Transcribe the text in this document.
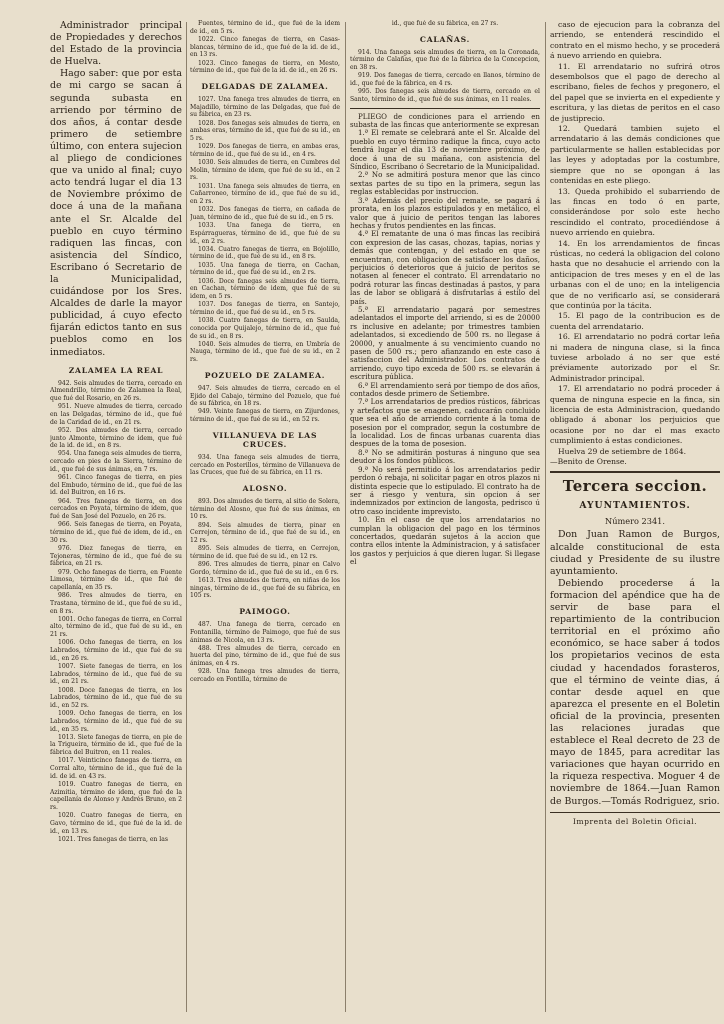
Administrador principal de Propiedades y derechos del Estado de la provincia de Huelva.

Hago saber: que por esta de mi cargo se sacan á segunda subasta en arriendo por término de dos años, á contar desde primero de setiembre último, con entera sujecion al pliego de condiciones que va unido al final; cuyo acto tendrá lugar el dia 13 de Noviembre próximo de doce á una de la mañana ante el Sr. Alcalde del pueblo en cuyo término radiquen las fincas, con asistencia del Síndico, Escribano ó Secretario de la Municipalidad, cuidándose por los Sres. Alcaldes de darle la mayor publicidad, á cuyo efecto fijarán edictos tanto en sus pueblos como en los inmediatos.

ZALAMEA LA REAL

942. Seis almudes de tierra, cercado en Almendrillo, término de Zalamea la Real, que fué del Rosario, en 26 rs.

951. Nueve almudes de tierra, cercado en las Delgadas, término de id., que fué de la Caridad de id., en 21 rs.

952. Dos almudes de tierra, cercado junto Almonte, término de idem, que fué de la id. de id., en 8 rs.

954. Una fanega seis almudes de tierra, cercado en pies de la Sierra, término de id., que fué de sus ánimas, en 7 rs.

961. Cinco fanegas de tierra, en pies del Embudo, término de id., que fué de las id. del Buitron, en 16 rs.

964. Tres fanegas de tierra, en dos cercados en Poyata, término de idem, que fué de San José del Pozuelo, en 26 rs.

966. Seis fanegas de tierra, en Poyata, término de id., que fué de idem, de id., en 30 rs.

976. Diez fanegas de tierra, en Tejoneras, término de id., que fué de su fábrica, en 21 rs.

979. Ocho fanegas de tierra, en Fuente Limosa, término de id., que fué de capellanía, en 35 rs.

986. Tres almudes de tierra, en Trastana, término de id., que fué de su id., en 8 rs.

1001. Ocho fanegas de tierra, en Corral alto, término de id., que fué de su id., en 21 rs.

1006. Ocho fanegas de tierra, en los Labrados, término de id., que fué de su id., en 26 rs.

1007. Siete fanegas de tierra, en los Labrados, término de id., que fué de su id., en 21 rs.

1008. Doce fanegas de tierra, en los Labrados, término de id., que fué de su id., en 52 rs.

1009. Ocho fanegas de tierra, en los Labrados, término de id., que fué de su id., en 35 rs.

1013. Siete fanegas de tierra, en pie de la Trigueira, término de id., que fué de la fábrica del Buitron, en 11 reales.

1017. Veinticinco fanegas de tierra, en Corral alto, término de id., que fué de la id. de id. en 43 rs.

1019. Cuatro fanegas de tierra, en Azimitia, término de idem, que fué de la capellanía de Alonso y Andrés Bruno, en 2 rs.

1020. Cuatro fanegas de tierra, en Gavo, término de id., que fué de la id. de id., en 13 rs.

1021. Tres fanegas de tierra, en las

Fuentes, término de id., que fué de la idem de id., en 5 rs.

1022. Cinco fanegas de tierra, en Casas-blancas, término de id., que fué de la id. de id., en 13 rs.

1023. Cinco fanegas de tierra, en Mesto, término de id., que fué de la id. de id., en 26 rs.

DELGADAS DE ZALAMEA.

1027. Una fanega tres almudes de tierra, en Majadillo, término de las Delgadas, que fué de su fábrica, en 23 rs.

1028. Dos fanegas seis almudes de tierra, en ambas eras, término de id., que fué de su id., en 5 rs.

1029. Dos fanegas de tierra, en ambas eras, término de id., que fué de su id., en 4 rs.

1030. Seis almudes de tierra, en Cumbres del Molin, término de idem, que fué de su id., en 2 rs.

1031. Una fanega seis almudes de tierra, en Cañarroneo, término de id., que fué de su id., en 2 rs.

1032. Dos fanegas de tierra, en cañada de Juan, término de id., que fué de su id., en 5 rs.

1033. Una fanega de tierra, en Espárragueras, término de id., que fué de su id., en 2 rs.

1034. Cuatro fanegas de tierra, en Bojolillo, término de id., que fué de su id., en 8 rs.

1035. Una fanega de tierra, en Cachan, término de id., que fué de su id., en 2 rs.

1036. Doce fanegas seis almudes de tierra, en Cachan, término de idem, que fué de su idem, en 5 rs.

1037. Dos fanegas de tierra, en Santejo, término de id., que fué de su id., en 5 rs.

1038. Cuatro fanegas de tierra, en Saulda, conocida por Quijalejo, término de id., que fué de su id., en 8 rs.

1040. Seis almudes de tierra, en Umbría de Nauga, término de id., que fué de su id., en 2 rs.

POZUELO DE ZALAMEA.

947. Seis almudes de tierra, cercado en el Ejido del Cabajo, término del Pozuelo, que fué de su fábrica, en 18 rs.

949. Veinte fanegas de tierra, en Zijurdones, término de id., que fué de su id., en 52 rs.

VILLANUEVA DE LAS CRUCES.

934. Una fanega seis almudes de tierra, cercado en Posterillos, término de Villanueva de las Cruces, que fué de su fábrica, en 11 rs.

ALOSNO.

893. Dos almudes de tierra, al sitio de Solera, término del Alosno, que fué de sus ánimas, en 10 rs.

894. Seis almudes de tierra, pinar en Cerrejon, término de id., que fué de su id., en 12 rs.

895. Seis almudes de tierra, en Cerrejon, término de id. que fué de su id., en 12 rs.

896. Tres almudes de tierra, pinar en Calvo Gordo, término de id., que fué de su id., en 6 rs.

1613. Tres almudes de tierra, en niñas de los ningas, término de id., que fué de su fábrica, en 105 rs.

PAIMOGO.

487. Una fanega de tierra, cercado en Fontanilla, término de Paimogo, que fué de sus ánimas de Nicola, en 13 rs.

488. Tres almudes de tierra, cercado en huerta del pino, término de id., que fué de sus ánimas, en 4 rs.

928. Una fanega tres almudes de tierra, cercado en Fontilla, término de

id., que fué de su fábrica, en 27 rs.

CALAÑAS.

914. Una fanega seis almudes de tierra, en la Coronada, término de Calañas, que fué de la fábrica de la Concepcion, en 38 rs.

919. Dos fanegas de tierra, cercado en llanos, término de id., que fué de la fábrica, en 4 rs.

995. Dos fanegas seis almudes de tierra, cercado en el Santo, término de id., que fué de sus ánimas, en 11 reales.

PLIEGO de condiciones para el arriendo en subasta de las fincas que anteriormente se expresan

1.ª El remate se celebrará ante el Sr. Alcalde del pueblo en cuyo término radique la finca, cuyo acto tendrá lugar el dia 13 de noviembre próximo, de doce á una de su mañana, con asistencia del Síndico, Escribano ó Secretario de la Municipalidad.

2.ª No se admitirá postura menor que las cinco sextas partes de su tipo en la primera, segun las reglas establecidas por instruccion.

3.ª Además del precio del remate, se pagará á prorata, en los plazos estipulados y en metálico, el valor que á juicio de peritos tengan las labores hechas y frutos pendientes en las fincas.

4.ª El rematante de una ó mas fincas las recibirá con expresion de las casas, chozas, tapias, norias y demás que contengan, y del estado en que se encuentran, con obligacion de satisfacer los daños, perjuicios ó deterioros que á juicio de peritos se notasen al fenecer el contrato. El arrendatario no podrá roturar las fincas destinadas á pastos, y para las de labor se obligará á disfrutarlas á estilo del país.

5.ª El arrendatario pagará por semestres adelantados el importe del arriendo, si es de 20000 rs inclusive en adelante; por trimestres tambien adelantados, si excediendo de 500 rs. no llegase á 20000, y anualmente á su vencimiento cuando no pasen de 500 rs.; pero afianzando en este caso á satisfaccion del Administrador. Los contratos de arriendo, cuyo tipo exceda de 500 rs. se elevarán á escritura pública.

6.ª El arrendamiento será por tiempo de dos años, contados desde primero de Setiembre.

7.ª Los arrendatarios de predios rústicos, fábricas y artefactos que se enagenen, caducarán concluido que sea el año de arriendo corriente á la toma de posesion por el comprador, segun la costumbre de la localidad. Los de fincas urbanas cuarenta dias despues de la toma de posesion.

8.ª No se admitirán posturas á ninguno que sea deudor á los fondos públicos.

9.ª No será permitido á los arrendatarios pedir perdon ó rebaja, ni solicitar pagar en otros plazos ni distinta especie que lo estipulado. El contrato ha de ser á riesgo y ventura, sin opcion á ser indemnizados por extincion de langosta, pedrisco ú otro caso incidente imprevisto.

10. En el caso de que los arrendatarios no cumplan la obligacion del pago en los términos concertados, quedarán sujetos á la accion que contra ellos intente la Administracion, y á satisfacer los gastos y perjuicios á que dieren lugar. Si llegase el

caso de ejecucion para la cobranza del arriendo, se entenderá rescindido el contrato en el mismo hecho, y se procederá á nuevo arriendo en quiebra.

11. El arrendatario no sufrirá otros desembolsos que el pago de derecho al escribano, fieles de fechos y pregonero, el del papel que se invierta en el expediente y escritura, y las dietas de peritos en el caso de justiprecio.

12. Quedará tambien sujeto el arrendatario á las demás condiciones que particularmente se hallen establecidas por las leyes y adoptadas por la costumbre, siempre que no se opongan á las contenidas en este pliego.

13. Queda prohibido el subarriendo de las fincas en todo ó en parte, considerándose por solo este hecho rescindido el contrato, procediéndose á nuevo arriendo en quiebra.

14. En los arrendamientos de fincas rústicas, no cederá la obligacion del colono hasta que no desahucie el arriendo con la anticipacion de tres meses y en el de las urbanas con el de uno; en la inteligencia que de no verificarlo así, se considerará que continúa por la tácita.

15. El pago de la contribucion es de cuenta del arrendatario.

16. El arrendatario no podrá cortar leña ni madera de ninguna clase, si la finca tuviese arbolado á no ser que esté préviamente autorizado por el Sr. Administrador principal.

17. El arrendatario no podrá proceder á quema de ninguna especie en la finca, sin licencia de esta Administracion, quedando obligado á abonar los perjuicios que ocasione por no dar el mas exacto cumplimiento á estas condiciones.

Huelva 29 de setiembre de 1864.

—Benito de Orense.

Tercera seccion.
AYUNTAMIENTOS.
Número 2341.

Don Juan Ramon de Burgos, alcalde constitucional de esta ciudad y Presidente de su ilustre ayuntamiento.

Debiendo procederse á la formacion del apéndice que ha de servir de base para el repartimiento de la contribucion territorial en el próximo año económico, se hace saber á todos los propietarios vecinos de esta ciudad y hacendados forasteros, que el término de veinte dias, á contar desde aquel en que aparezca el presente en el Boletin oficial de la provincia, presenten las relaciones juradas que establece el Real decreto de 23 de mayo de 1845, para acreditar las variaciones que hayan ocurrido en la riqueza respectiva. Moguer 4 de noviembre de 1864.—Juan Ramon de Burgos.—Tomás Rodriguez, srio.

Imprenta del Boletin Oficial.
